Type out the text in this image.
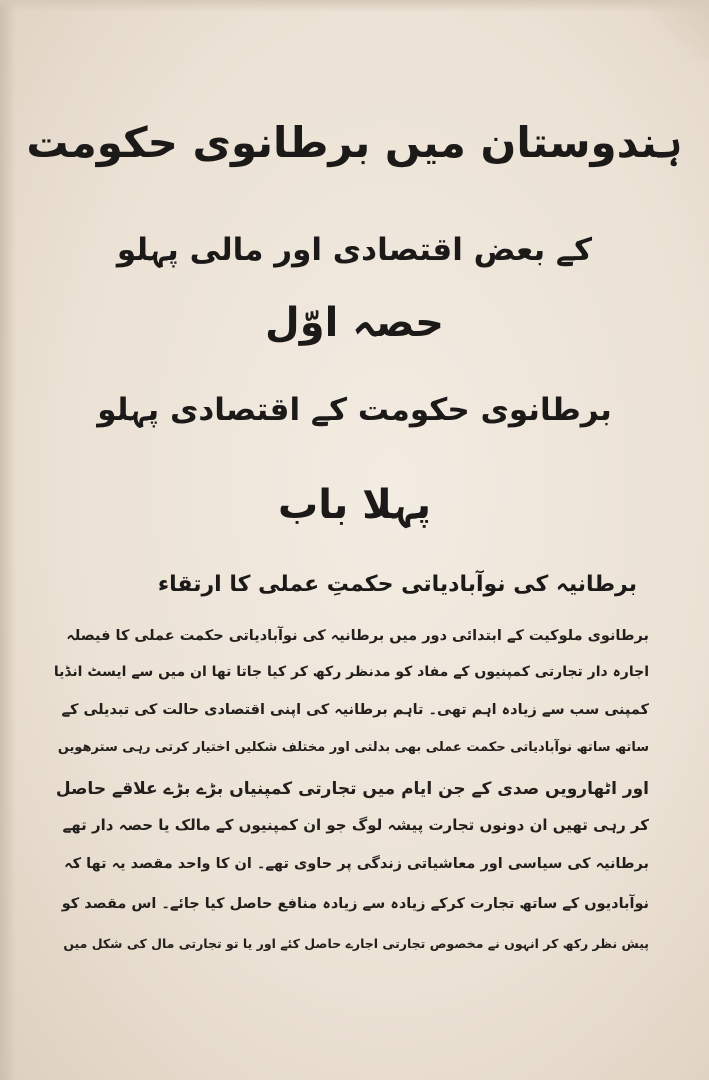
ہندوستان میں برطانوی حکومت
کے بعض اقتصادی اور مالی پہلو
حصہ اوّل
برطانوی حکومت کے اقتصادی پہلو
پہلا باب
برطانیہ کی نوآبادیاتی حکمتِ عملی کا ارتقاء
برطانوی ملوکیت کے ابتدائی دور میں برطانیہ کی نوآبادیاتی حکمت عملی کا فیصلہ
اجارہ دار تجارتی کمپنیوں کے مفاد کو مدنظر رکھ کر کیا جاتا تھا ان میں سے ایسٹ انڈیا
کمپنی سب سے زیادہ اہم تھی۔ تاہم برطانیہ کی اپنی اقتصادی حالت کی تبدیلی کے
ساتھ ساتھ نوآبادیاتی حکمت عملی بھی بدلتی اور مختلف شکلیں اختیار کرتی رہی سترھویں
اور اٹھارویں صدی کے جن ایام میں تجارتی کمپنیاں بڑے بڑے علاقے حاصل
کر رہی تھیں ان دونوں تجارت پیشہ لوگ جو ان کمپنیوں کے مالک یا حصہ دار تھے
برطانیہ کی سیاسی اور معاشیاتی زندگی پر حاوی تھے۔ ان کا واحد مقصد یہ تھا کہ
نوآبادیوں کے ساتھ تجارت کرکے زیادہ سے زیادہ منافع حاصل کیا جائے۔ اس مقصد کو
پیش نظر رکھ کر انہوں نے مخصوص تجارتی اجارے حاصل کئے اور یا تو تجارتی مال کی شکل میں
